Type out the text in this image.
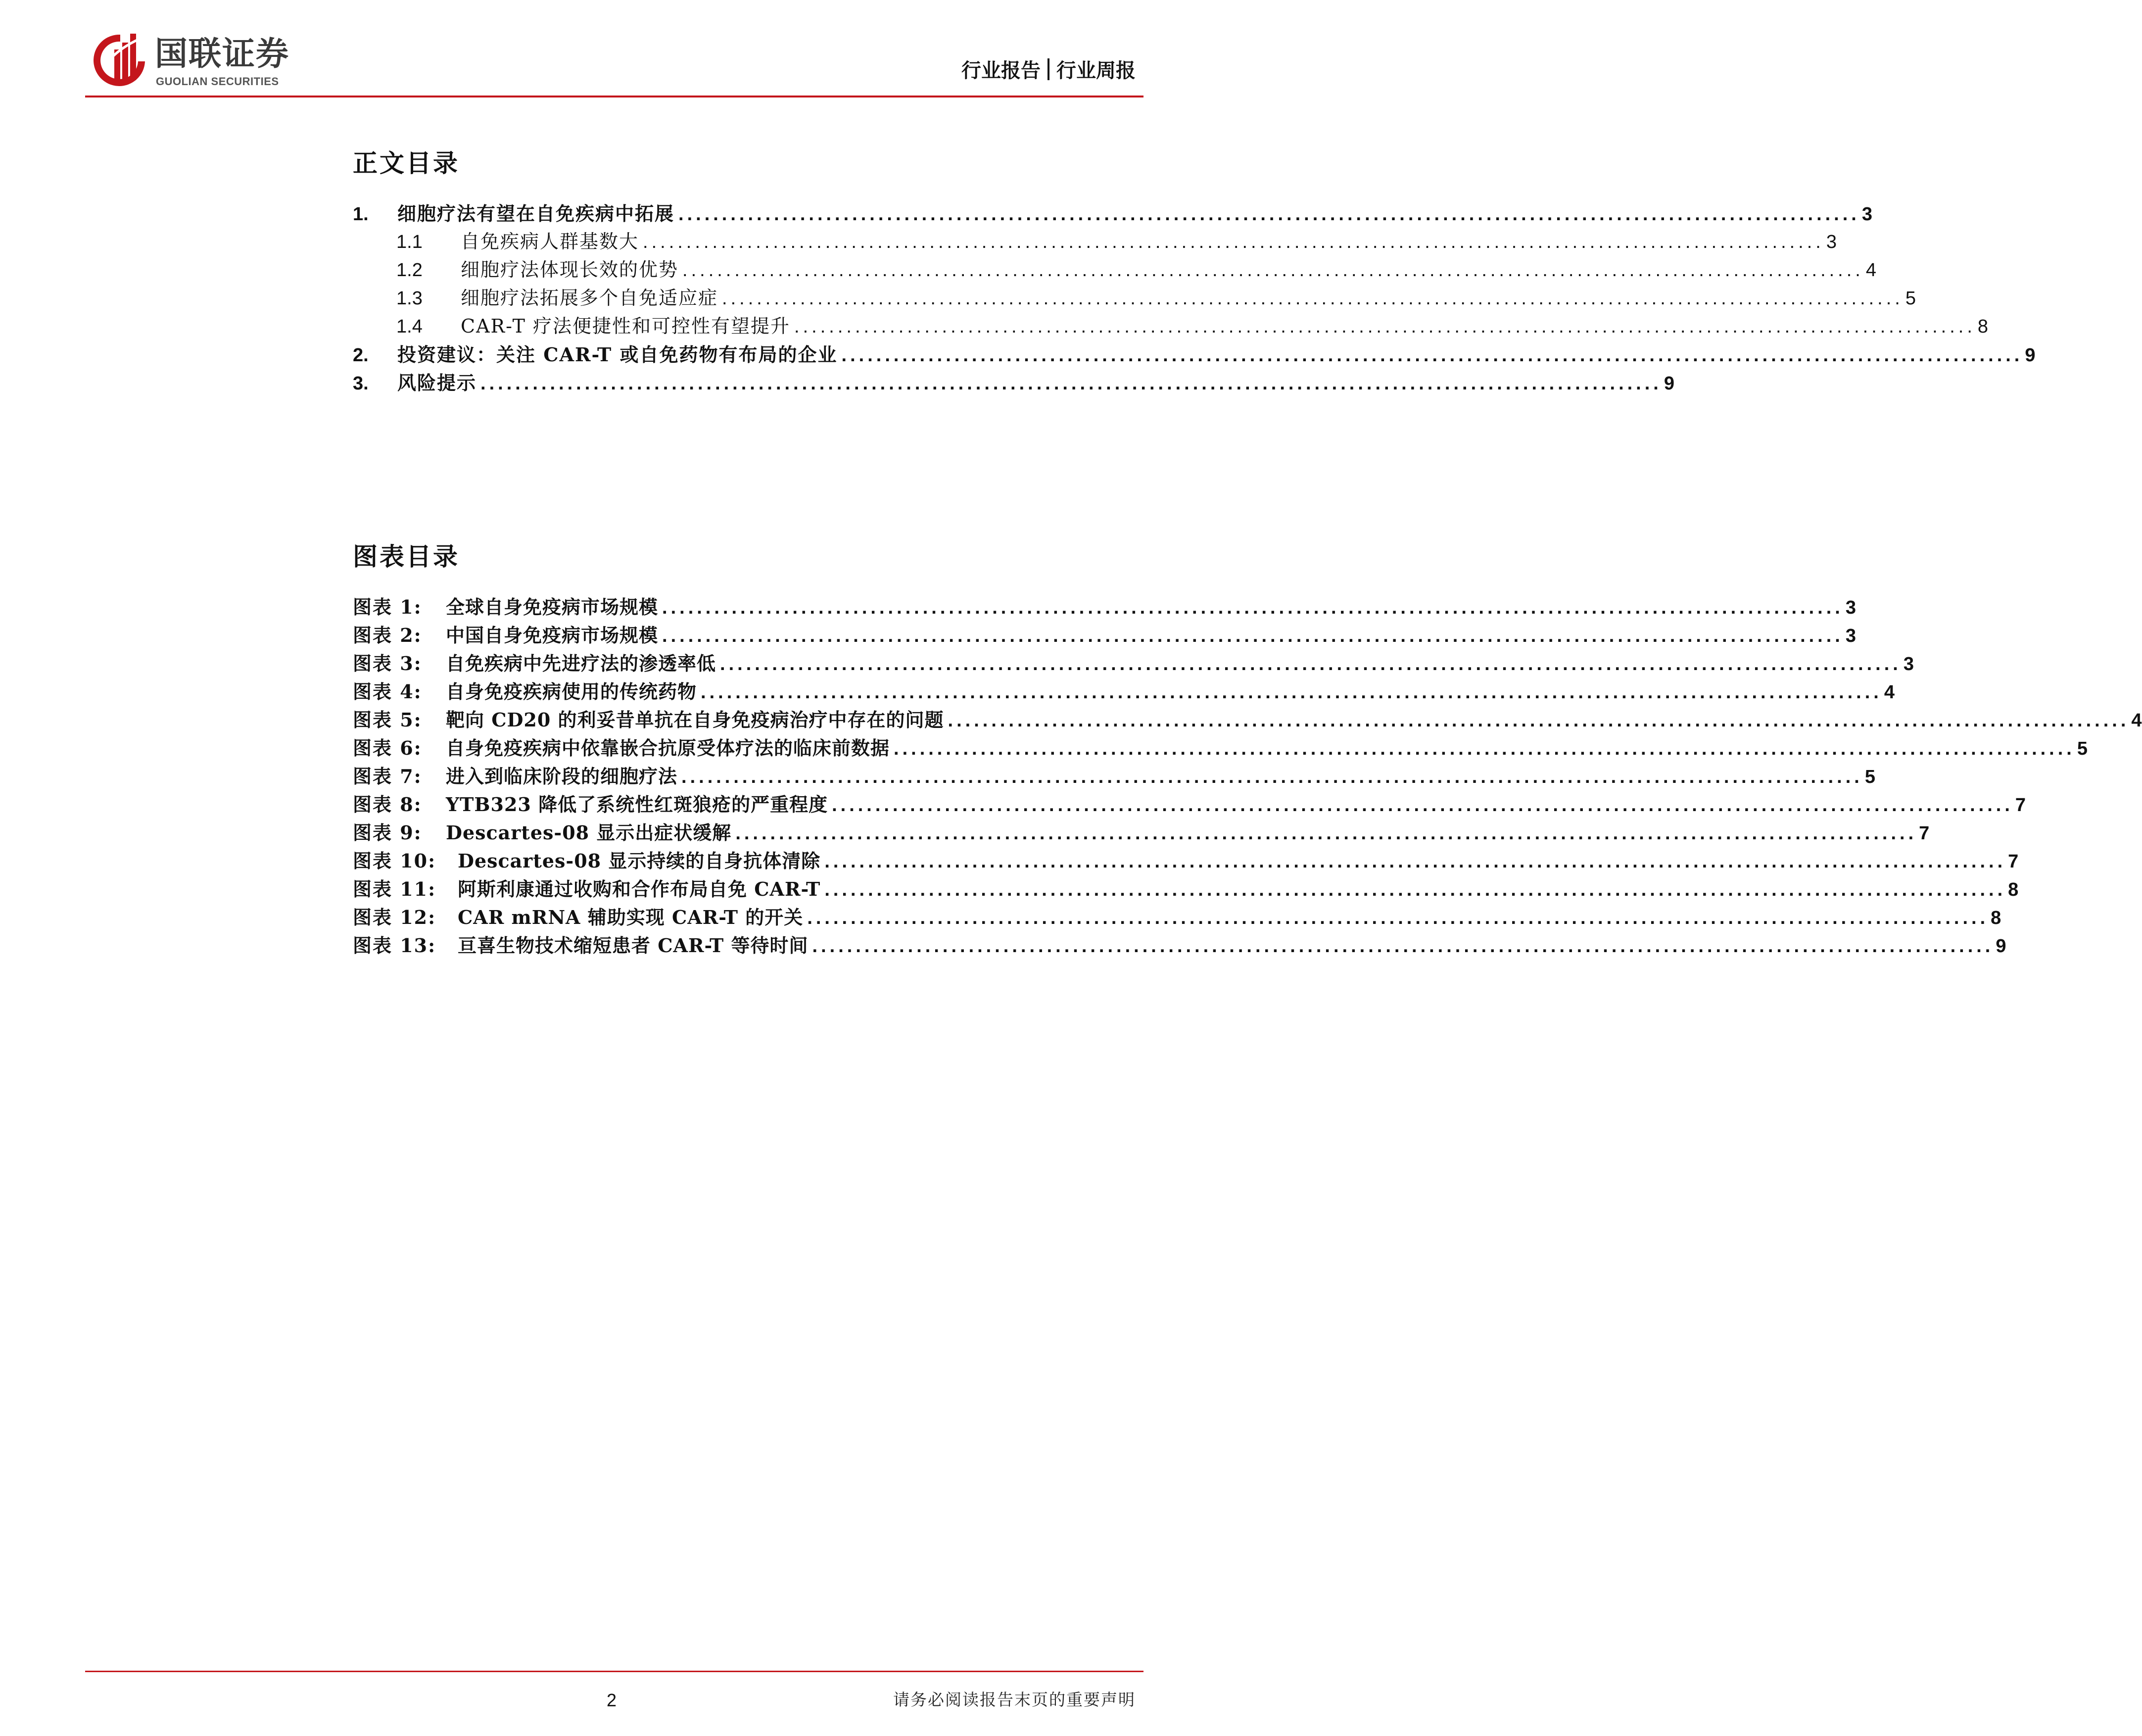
国联证券
GUOLIAN SECURITIES	行业报告 行业周报
正文目录
1.	细胞疗法有望在自免疾病中拓展 ........................................................................................................................................ 3
1.1	自免疾病人群基数大 ........................................................................................................................................ 3
1.2	细胞疗法体现长效的优势 ........................................................................................................................................ 4
1.3	细胞疗法拓展多个自免适应症 ........................................................................................................................................ 5
1.4	CAR-T 疗法便捷性和可控性有望提升 ........................................................................................................................................ 8
2.	投资建议：关注 CAR-T 或自免药物有布局的企业 ........................................................................................................................................ 9
3.	风险提示 ........................................................................................................................................ 9
图表目录
图表 1:	全球自身免疫病市场规模 ........................................................................................................................................ 3
图表 2:	中国自身免疫病市场规模 ........................................................................................................................................ 3
图表 3:	自免疾病中先进疗法的渗透率低 ........................................................................................................................................ 3
图表 4:	自身免疫疾病使用的传统药物 ........................................................................................................................................ 4
图表 5:	靶向 CD20 的利妥昔单抗在自身免疫病治疗中存在的问题 ........................................................................................................................................ 4
图表 6:	自身免疫疾病中依靠嵌合抗原受体疗法的临床前数据 ........................................................................................................................................ 5
图表 7:	进入到临床阶段的细胞疗法 ........................................................................................................................................ 5
图表 8:	YTB323 降低了系统性红斑狼疮的严重程度 ........................................................................................................................................ 7
图表 9:	Descartes-08 显示出症状缓解 ........................................................................................................................................ 7
图表 10:	Descartes-08 显示持续的自身抗体清除 ........................................................................................................................................ 7
图表 11:	阿斯利康通过收购和合作布局自免 CAR-T ........................................................................................................................................ 8
图表 12:	CAR mRNA 辅助实现 CAR-T 的开关 ........................................................................................................................................ 8
图表 13:	亘喜生物技术缩短患者 CAR-T 等待时间 ........................................................................................................................................ 9
2	请务必阅读报告末页的重要声明
